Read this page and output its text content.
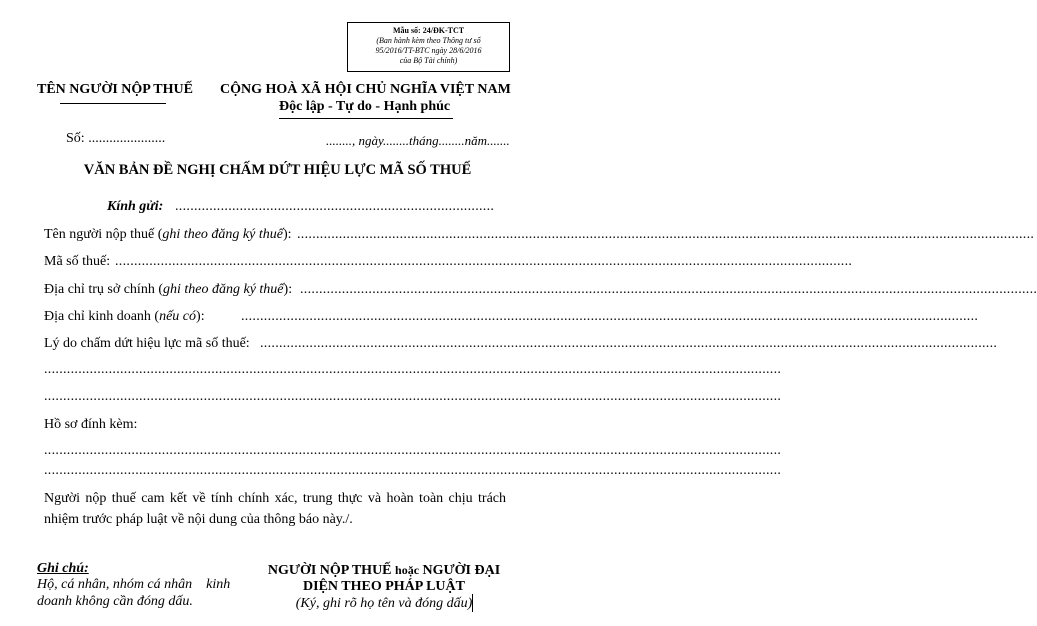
Mẫu số: 24/ĐK-TCT
(Ban hành kèm theo Thông tư số
95/2016/TT-BTC ngày 28/6/2016
của Bộ Tài chính)
TÊN NGƯỜI NỘP THUẾ CỘNG HOÀ XÃ HỘI CHỦ NGHĨA VIỆT NAM
Độc lập - Tự do - Hạnh phúc
Số: ......................	........, ngày........tháng........năm.......
VĂN BẢN ĐỀ NGHỊ CHẤM DỨT HIỆU LỰC MÃ SỐ THUẾ
Kính gửi: ....................................................................................
Tên người nộp thuế (ghi theo đăng ký thuế): ..................................................................................................................................................................................................
Mã số thuế: ..................................................................................................................................................................................................
Địa chỉ trụ sở chính (ghi theo đăng ký thuế): ..................................................................................................................................................................................................
Địa chỉ kinh doanh (nếu có):	..................................................................................................................................................................................................
Lý do chấm dứt hiệu lực mã số thuế: ..................................................................................................................................................................................................
..................................................................................................................................................................................................
..................................................................................................................................................................................................
Hồ sơ đính kèm:
..................................................................................................................................................................................................
..................................................................................................................................................................................................
Người nộp thuế cam kết về tính chính xác, trung thực và hoàn toàn chịu trách
nhiệm trước pháp luật về nội dung của thông báo này./.
Ghi chú:
Hộ, cá nhân, nhóm cá nhân    kinh
doanh không cần đóng dấu.
NGƯỜI NỘP THUẾ hoặc NGƯỜI ĐẠI
DIỆN THEO PHÁP LUẬT
(Ký, ghi rõ họ tên và đóng dấu)
